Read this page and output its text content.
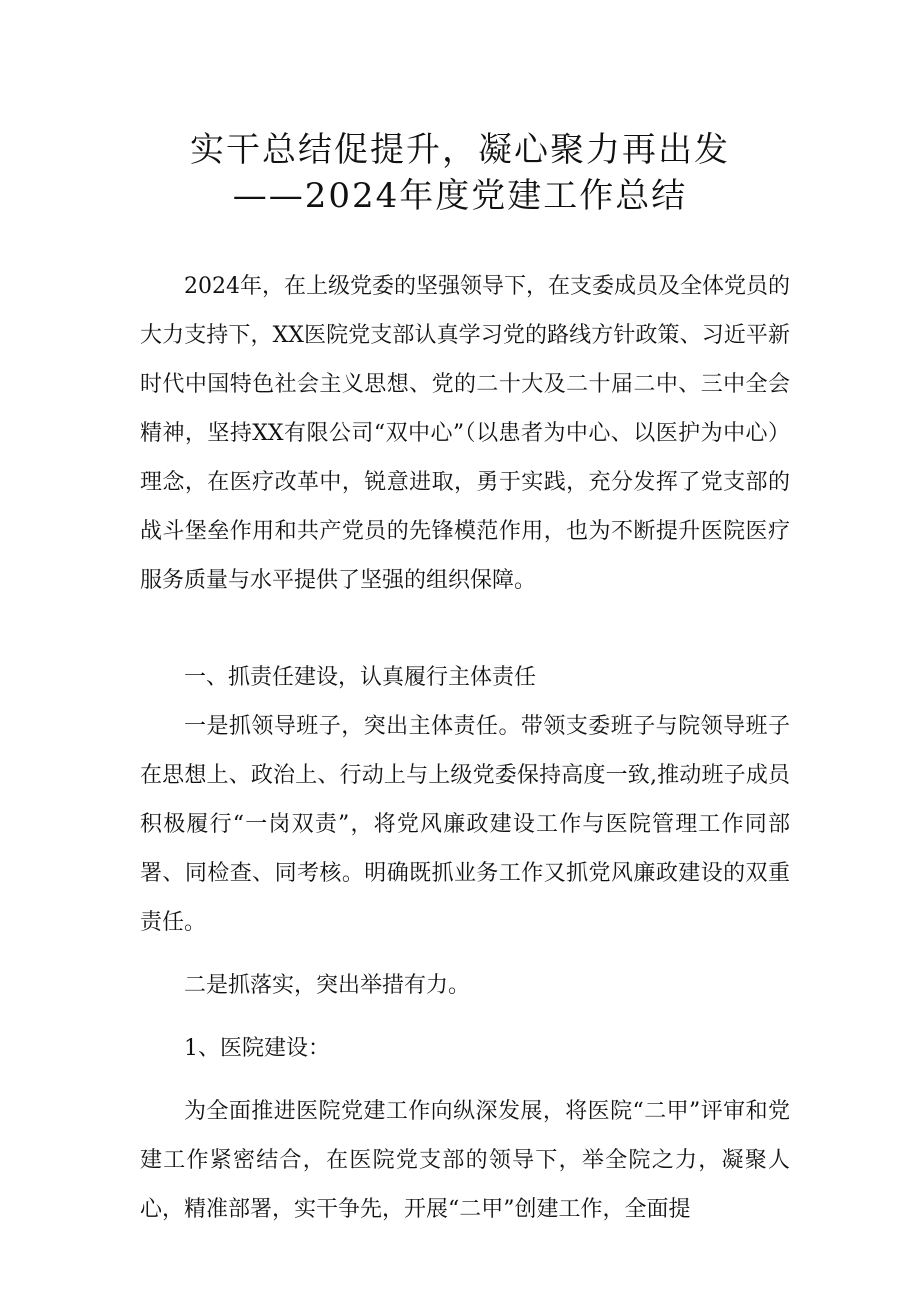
实干总结促提升，凝心聚力再出发
——2024年度党建工作总结

2024年，在上级党委的坚强领导下，在支委成员及全体党员的大力支持下，XX医院党支部认真学习党的路线方针政策、习近平新时代中国特色社会主义思想、党的二十大及二十届二中、三中全会精神，坚持XX有限公司“双中心”（以患者为中心、以医护为中心）理念，在医疗改革中，锐意进取，勇于实践，充分发挥了党支部的战斗堡垒作用和共产党员的先锋模范作用，也为不断提升医院医疗服务质量与水平提供了坚强的组织保障。

一、抓责任建设，认真履行主体责任

一是抓领导班子，突出主体责任。带领支委班子与院领导班子在思想上、政治上、行动上与上级党委保持高度一致,推动班子成员积极履行“一岗双责”，将党风廉政建设工作与医院管理工作同部署、同检查、同考核。明确既抓业务工作又抓党风廉政建设的双重责任。

二是抓落实，突出举措有力。

1、医院建设：

为全面推进医院党建工作向纵深发展，将医院“二甲”评审和党建工作紧密结合，在医院党支部的领导下，举全院之力，凝聚人心，精准部署，实干争先，开展“二甲”创建工作，全面提
